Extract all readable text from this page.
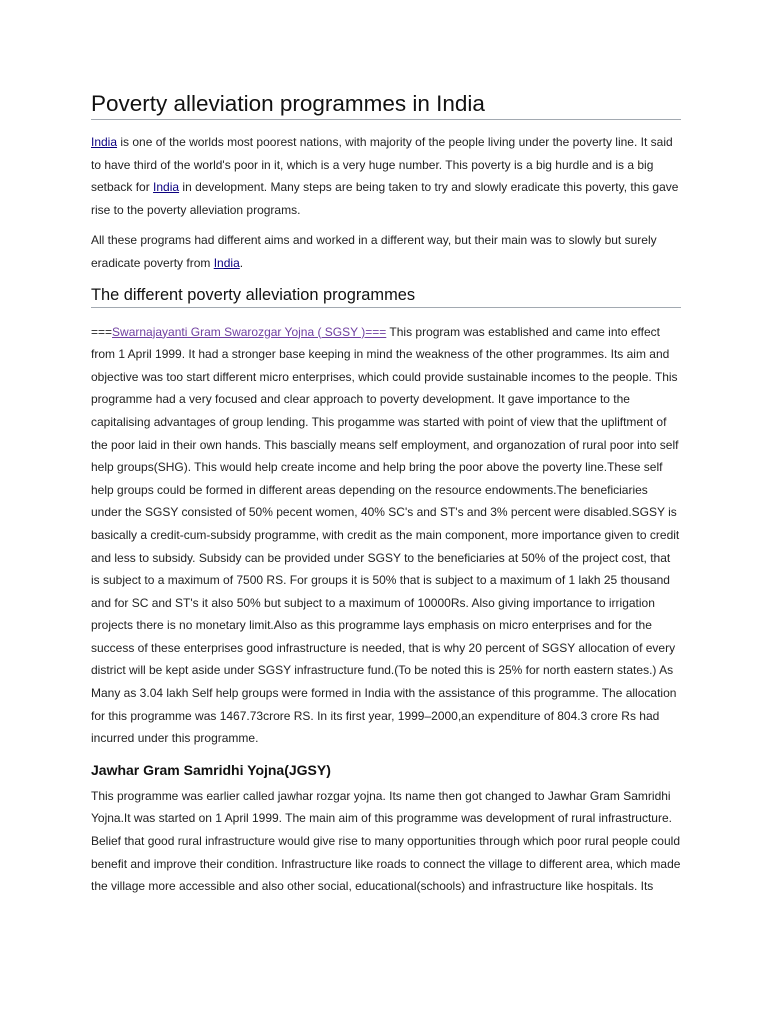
Poverty alleviation programmes in India

India is one of the worlds most poorest nations, with majority of the people living under the poverty line. It said to have third of the world's poor in it, which is a very huge number. This poverty is a big hurdle and is a big setback for India in development. Many steps are being taken to try and slowly eradicate this poverty, this gave rise to the poverty alleviation programs.

All these programs had different aims and worked in a different way, but their main was to slowly but surely eradicate poverty from India.

The different poverty alleviation programmes

===Swarnajayanti Gram Swarozgar Yojna ( SGSY )=== This program was established and came into effect from 1 April 1999. It had a stronger base keeping in mind the weakness of the other programmes. Its aim and objective was too start different micro enterprises, which could provide sustainable incomes to the people. This programme had a very focused and clear approach to poverty development. It gave importance to the capitalising advantages of group lending. This progamme was started with point of view that the upliftment of the poor laid in their own hands. This bascially means self employment, and organozation of rural poor into self help groups(SHG). This would help create income and help bring the poor above the poverty line.These self help groups could be formed in different areas depending on the resource endowments.The beneficiaries under the SGSY consisted of 50% pecent women, 40% SC's and ST's and 3% percent were disabled.SGSY is basically a credit-cum-subsidy programme, with credit as the main component, more importance given to credit and less to subsidy. Subsidy can be provided under SGSY to the beneficiaries at 50% of the project cost, that is subject to a maximum of 7500 RS. For groups it is 50% that is subject to a maximum of 1 lakh 25 thousand and for SC and ST's it also 50% but subject to a maximum of 10000Rs. Also giving importance to irrigation projects there is no monetary limit.Also as this programme lays emphasis on micro enterprises and for the success of these enterprises good infrastructure is needed, that is why 20 percent of SGSY allocation of every district will be kept aside under SGSY infrastructure fund.(To be noted this is 25% for north eastern states.) As Many as 3.04 lakh Self help groups were formed in India with the assistance of this programme. The allocation for this programme was 1467.73crore RS. In its first year, 1999–2000,an expenditure of 804.3 crore Rs had incurred under this programme.

Jawhar Gram Samridhi Yojna(JGSY)

This programme was earlier called jawhar rozgar yojna. Its name then got changed to Jawhar Gram Samridhi Yojna.It was started on 1 April 1999. The main aim of this programme was development of rural infrastructure. Belief that good rural infrastructure would give rise to many opportunities through which poor rural people could benefit and improve their condition. Infrastructure like roads to connect the village to different area, which made the village more accessible and also other social, educational(schools) and infrastructure like hospitals. Its
